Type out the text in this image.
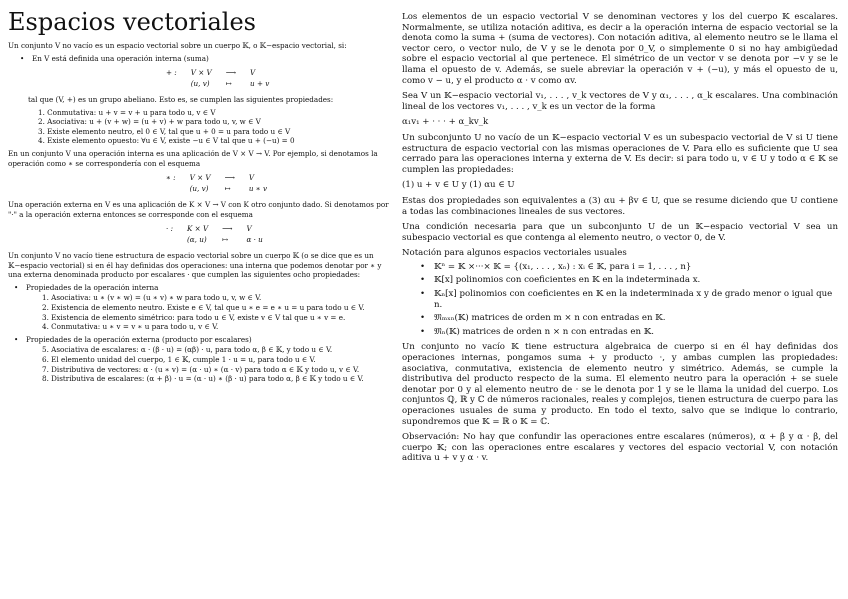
Espacios vectoriales

Un conjunto V no vacío es un espacio vectorial sobre un cuerpo 𝕂, o 𝕂−espacio vectorial, si:

• En V está definida una operación interna (suma)

+ :	V × V	⟶	V
	(u, v)	↦	u + v

tal que (V, +) es un grupo abeliano. Esto es, se cumplen las siguientes propiedades:

1. Conmutativa: u + v = v + u para todo u, v ∈ V
2. Asociativa: u + (v + w) = (u + v) + w para todo u, v, w ∈ V
3. Existe elemento neutro, el 0 ∈ V, tal que u + 0 = u para todo u ∈ V
4. Existe elemento opuesto: ∀u ∈ V, existe −u ∈ V tal que u + (−u) = 0

En un conjunto V una operación interna es una aplicación de V × V → V. Por ejemplo, si denotamos la operación como ∗ se correspondería con el esquema

∗ :	V × V	⟶	V
	(u, v)	↦	u ∗ v

Una operación externa en V es una aplicación de K × V → V con K otro conjunto dado. Si denotamos por "·" a la operación externa entonces se corresponde con el esquema

· :	K × V	⟶	V
	(α, u)	↦	α · u

Un conjunto V no vacío tiene estructura de espacio vectorial sobre un cuerpo 𝕂 (o se dice que es un 𝕂−espacio vectorial) si en él hay definidas dos operaciones: una interna que podemos denotar por ∗ y una externa denominada producto por escalares · que cumplen las siguientes ocho propiedades:

• Propiedades de la operación interna
1. Asociativa: u ∗ (v ∗ w) = (u ∗ v) ∗ w para todo u, v, w ∈ V.
2. Existencia de elemento neutro. Existe e ∈ V, tal que u ∗ e = e ∗ u = u para todo u ∈ V.
3. Existencia de elemento simétrico: para todo u ∈ V, existe v ∈ V tal que u ∗ v = e.
4. Conmutativa: u ∗ v = v ∗ u para todo u, v ∈ V.
• Propiedades de la operación externa (producto por escalares)
5. Asociativa de escalares: α · (β · u) = (αβ) · u, para todo α, β ∈ 𝕂, y todo u ∈ V.
6. El elemento unidad del cuerpo, 1 ∈ 𝕂, cumple 1 · u = u, para todo u ∈ V.
7. Distributiva de vectores: α · (u ∗ v) = (α · u) ∗ (α · v) para todo α ∈ 𝕂 y todo u, v ∈ V.
8. Distributiva de escalares: (α + β) · u = (α · u) ∗ (β · u) para todo α, β ∈ 𝕂 y todo u ∈ V.

Los elementos de un espacio vectorial V se denominan vectores y los del cuerpo 𝕂 escalares. Normalmente, se utiliza notación aditiva, es decir a la operación interna de espacio vectorial se la denota como la suma + (suma de vectores). Con notación aditiva, al elemento neutro se le llama el vector cero, o vector nulo, de V y se le denota por 0_V, o simplemente 0 si no hay ambigüedad sobre el espacio vectorial al que pertenece. El simétrico de un vector v se denota por −v y se le llama el opuesto de v. Además, se suele abreviar la operación v + (−u), y más el opuesto de u, como v − u, y el producto α · v como αv.

Sea V un 𝕂−espacio vectorial v₁, . . . , v_k vectores de V y α₁, . . . , α_k escalares. Una combinación lineal de los vectores v₁, . . . , v_k es un vector de la forma

α₁v₁ + · · · + α_kv_k

Un subconjunto U no vacío de un 𝕂−espacio vectorial V es un subespacio vectorial de V si U tiene estructura de espacio vectorial con las mismas operaciones de V. Para ello es suficiente que U sea cerrado para las operaciones interna y externa de V. Es decir: si para todo u, v ∈ U y todo α ∈ 𝕂 se cumplen las propiedades:

(1) u + v ∈ U y (1) αu ∈ U

Estas dos propiedades son equivalentes a (3) αu + βv ∈ U, que se resume diciendo que U contiene a todas las combinaciones lineales de sus vectores.

Una condición necesaria para que un subconjunto U de un 𝕂−espacio vectorial V sea un subespacio vectorial es que contenga al elemento neutro, o vector 0, de V.

Notación para algunos espacios vectoriales usuales

• 𝕂ⁿ = 𝕂 ×···× 𝕂 = {(x₁, . . . , xₙ) : xᵢ ∈ 𝕂, para i = 1, . . . , n}
• 𝕂[x] polinomios con coeficientes en 𝕂 en la indeterminada x.
• 𝕂ₙ[x] polinomios con coeficientes en 𝕂 en la indeterminada x y de grado menor o igual que n.
• 𝔐ₘₓₙ(𝕂) matrices de orden m × n con entradas en 𝕂.
• 𝔐ₙ(𝕂) matrices de orden n × n con entradas en 𝕂.

Un conjunto no vacío 𝕂 tiene estructura algebraica de cuerpo si en él hay definidas dos operaciones internas, pongamos suma + y producto ·, y ambas cumplen las propiedades: asociativa, conmutativa, existencia de elemento neutro y simétrico. Además, se cumple la distributiva del producto respecto de la suma. El elemento neutro para la operación + se suele denotar por 0 y al elemento neutro de · se le denota por 1 y se le llama la unidad del cuerpo. Los conjuntos ℚ, ℝ y ℂ de números racionales, reales y complejos, tienen estructura de cuerpo para las operaciones usuales de suma y producto. En todo el texto, salvo que se indique lo contrario, supondremos que 𝕂 = ℝ o 𝕂 = ℂ.

Observación: No hay que confundir las operaciones entre escalares (números), α + β y α · β, del cuerpo 𝕂; con las operaciones entre escalares y vectores del espacio vectorial V, con notación aditiva u + v y α · v.
